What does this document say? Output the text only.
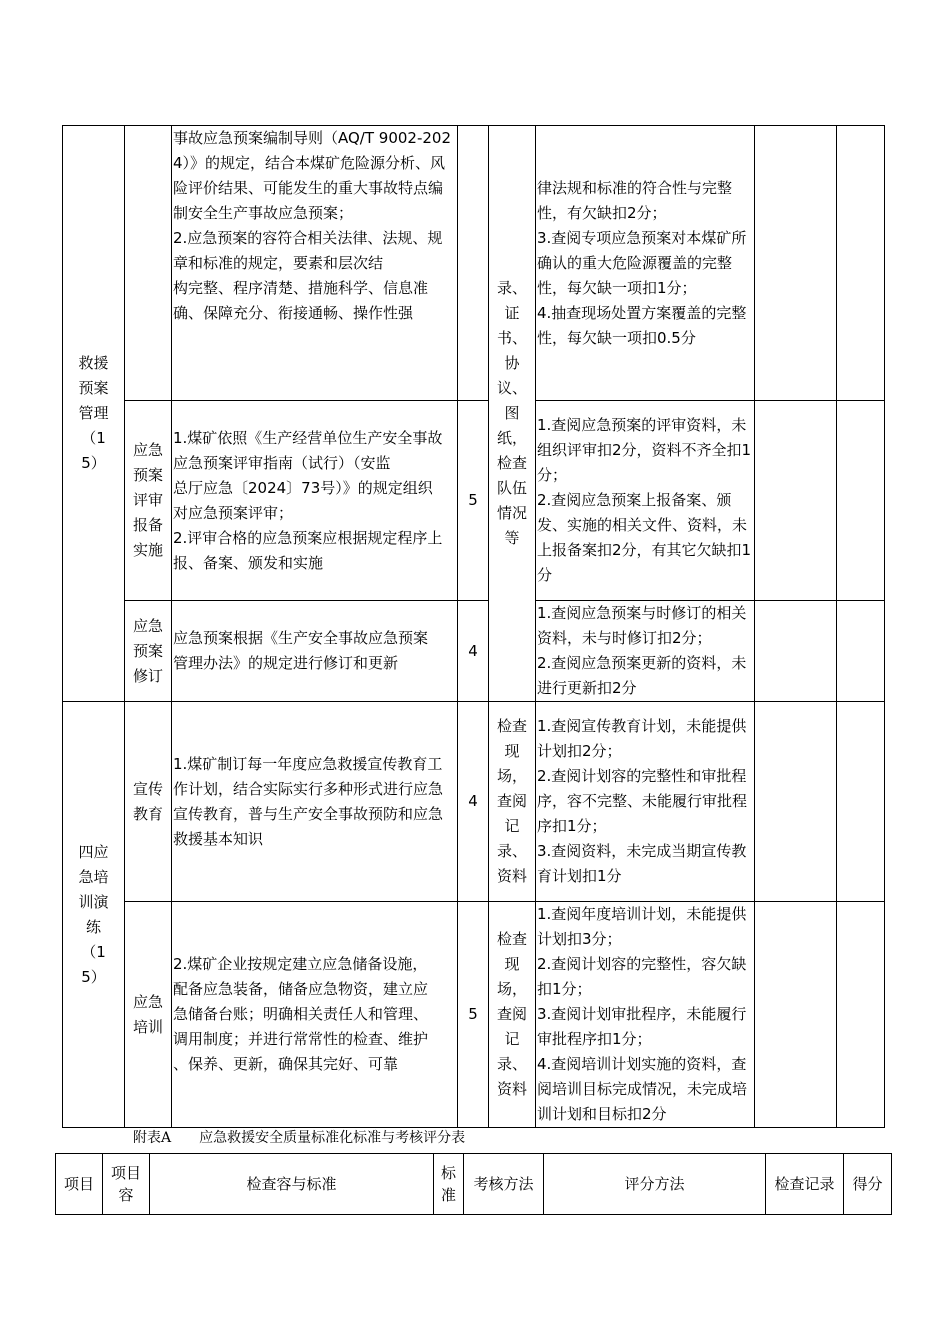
救援预案管理（15）		事故应急预案编制导则（AQ/T 9002-2024）》的规定，结合本煤矿危险源分析、风险评价结果、可能发生的重大事故特点编制安全生产事故应急预案；
2.应急预案的容符合相关法律、法规、规章和标准的规定，要素和层次结
构完整、程序清楚、措施科学、信息准
确、保障充分、衔接通畅、操作性强		录、证书、协议、图纸，检查队伍情况等	律法规和标准的符合性与完整性，有欠缺扣2分；
3.查阅专项应急预案对本煤矿所确认的重大危险源覆盖的完整性，每欠缺一项扣1分；
4.抽查现场处置方案覆盖的完整性，每欠缺一项扣0.5分		
	应急预案评审报备实施	1.煤矿依照《生产经营单位生产安全事故应急预案评审指南（试行）（安监
总厅应急〔2024〕73号）》的规定组织
对应急预案评审；
2.评审合格的应急预案应根据规定程序上报、备案、颁发和实施	5		1.查阅应急预案的评审资料，未组织评审扣2分，资料不齐全扣1分；
2.查阅应急预案上报备案、颁发、实施的相关文件、资料，未上报备案扣2分，有其它欠缺扣1分		
	应急预案修订	应急预案根据《生产安全事故应急预案
管理办法》的规定进行修订和更新	4		1.查阅应急预案与时修订的相关资料，未与时修订扣2分；
2.查阅应急预案更新的资料，未进行更新扣2分		
四应急培训演练（15）	宣传教育	1.煤矿制订每一年度应急救援宣传教育工作计划，结合实际实行多种形式进行应急宣传教育，普与生产安全事故预防和应急救援基本知识	4	检查现场，查阅记录、资料	1.查阅宣传教育计划，未能提供计划扣2分；
2.查阅计划容的完整性和审批程序，容不完整、未能履行审批程序扣1分；
3.查阅资料，未完成当期宣传教育计划扣1分		
	应急培训	2.煤矿企业按规定建立应急储备设施，
配备应急装备，储备应急物资，建立应
急储备台账；明确相关责任人和管理、
调用制度；并进行常常性的检查、维护
、保养、更新，确保其完好、可靠	5	检查现场，查阅记录、资料	1.查阅年度培训计划，未能提供计划扣3分；
2.查阅计划容的完整性，容欠缺扣1分；
3.查阅计划审批程序，未能履行审批程序扣1分；
4.查阅培训计划实施的资料，查阅培训目标完成情况，未完成培训计划和目标扣2分		
附表A　　应急救援安全质量标准化标准与考核评分表
项目	项目容	检查容与标准	标准	考核方法	评分方法	检查记录	得分
